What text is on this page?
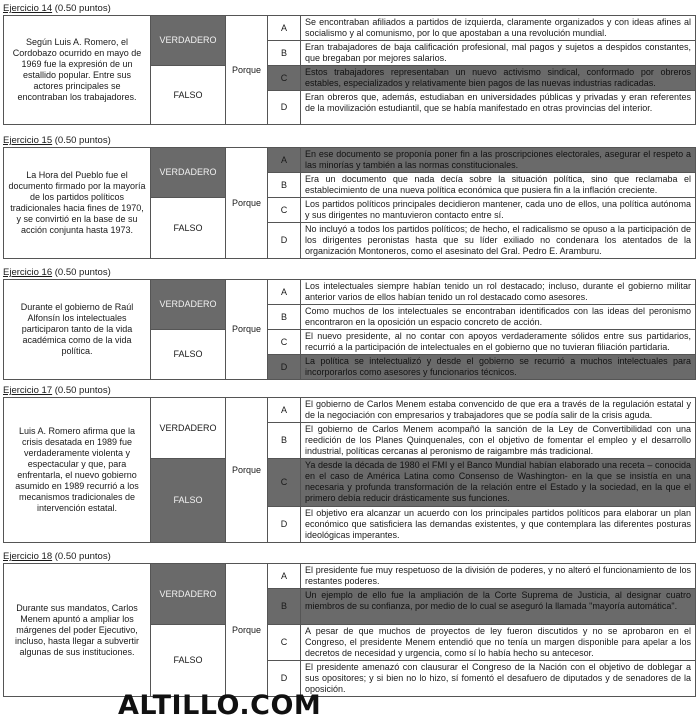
Ejercicio 14 (0.50 puntos)
Según Luis A. Romero, el Cordobazo ocurrido en mayo de 1969 fue la expresión de un estallido popular. Entre sus actores principales se encontraban los trabajadores.	VERDADERO	Porque	A	Se encontraban afiliados a partidos de izquierda, claramente organizados y con ideas afines al socialismo y al comunismo, por lo que apostaban a una revolución mundial.
			B	Eran trabajadores de baja calificación profesional, mal pagos y sujetos a despidos constantes, que bregaban por mejores salarios.
	FALSO		C	Estos trabajadores representaban un nuevo activismo sindical, conformado por obreros estables, especializados y relativamente bien pagos de las nuevas industrias radicadas.
			D	Eran obreros que, además, estudiaban en universidades públicas y privadas y eran referentes de la movilización estudiantil, que se había manifestado en otras provincias del interior.
Ejercicio 15 (0.50 puntos)
La Hora del Pueblo fue el documento firmado por la mayoría de los partidos políticos tradicionales hacia fines de 1970, y se convirtió en la base de su acción conjunta hasta 1973.	VERDADERO	Porque	A	En ese documento se proponía poner fin a las proscripciones electorales, asegurar el respeto a las minorías y también a las normas constitucionales.
			B	Era un documento que nada decía sobre la situación política, sino que reclamaba el establecimiento de una nueva política económica que pusiera fin a la inflación creciente.
	FALSO		C	Los partidos políticos principales decidieron mantener, cada uno de ellos, una política autónoma y sus dirigentes no mantuvieron contacto entre sí.
			D	No incluyó a todos los partidos políticos; de hecho, el radicalismo se opuso a la participación de los dirigentes peronistas hasta que su líder exiliado no condenara los atentados de la organización Montoneros, como el asesinato del Gral. Pedro E. Aramburu.
Ejercicio 16 (0.50 puntos)
Durante el gobierno de Raúl Alfonsín los intelectuales participaron tanto de la vida académica como de la vida política.	VERDADERO	Porque	A	Los intelectuales siempre habían tenido un rol destacado; incluso, durante el gobierno militar anterior varios de ellos habían tenido un rol destacado como asesores.
			B	Como muchos de los intelectuales se encontraban identificados con las ideas del peronismo encontraron en la oposición un espacio concreto de acción.
	FALSO		C	El nuevo presidente, al no contar con apoyos verdaderamente sólidos entre sus partidarios, recurrió a la participación de intelectuales en el gobierno que no tuvieran filiación partidaria.
			D	La política se intelectualizó y desde el gobierno se recurrió a muchos intelectuales para incorporarlos como asesores y funcionarios técnicos.
Ejercicio 17 (0.50 puntos)
Luis A. Romero afirma que la crisis desatada en 1989 fue verdaderamente violenta y espectacular y que, para enfrentarla, el nuevo gobierno asumido en 1989 recurrió a los mecanismos tradicionales de intervención estatal.	VERDADERO	Porque	A	El gobierno de Carlos Menem estaba convencido de que era a través de la regulación estatal y de la negociación con empresarios y trabajadores que se podía salir de la crisis aguda.
			B	El gobierno de Carlos Menem acompañó la sanción de la Ley de Convertibilidad con una reedición de los Planes Quinquenales, con el objetivo de fomentar el empleo y el desarrollo industrial, políticas cercanas al peronismo de raigambre más tradicional.
	FALSO		C	Ya desde la década de 1980 el FMI y el Banco Mundial habían elaborado una receta – conocida en el caso de América Latina como Consenso de Washington- en la que se insistía en una necesaria y profunda transformación de la relación entre el Estado y la sociedad, en la que el primero debía reducir drásticamente sus funciones.
			D	El objetivo era alcanzar un acuerdo con los principales partidos políticos para elaborar un plan económico que satisficiera las demandas existentes, y que contemplara las diferentes posturas ideológicas imperantes.
Ejercicio 18 (0.50 puntos)
Durante sus mandatos, Carlos Menem apuntó a ampliar los márgenes del poder Ejecutivo, incluso, hasta llegar a subvertir algunas de sus instituciones.	VERDADERO	Porque	A	El presidente fue muy respetuoso de la división de poderes, y no alteró el funcionamiento de los restantes poderes.
			B	Un ejemplo de ello fue la ampliación de la Corte Suprema de Justicia, al designar cuatro miembros de su confianza, por medio de lo cual se aseguró la llamada "mayoría automática".
	FALSO		C	A pesar de que muchos de proyectos de ley fueron discutidos y no se aprobaron en el Congreso, el presidente Menem entendió que no tenía un margen disponible para apelar a los decretos de necesidad y urgencia, como sí lo había hecho su antecesor.
			D	El presidente amenazó con clausurar el Congreso de la Nación con el objetivo de doblegar a sus opositores; y si bien no lo hizo, sí fomentó el desafuero de diputados y de senadores de la oposición.
ALTILLO.COM
